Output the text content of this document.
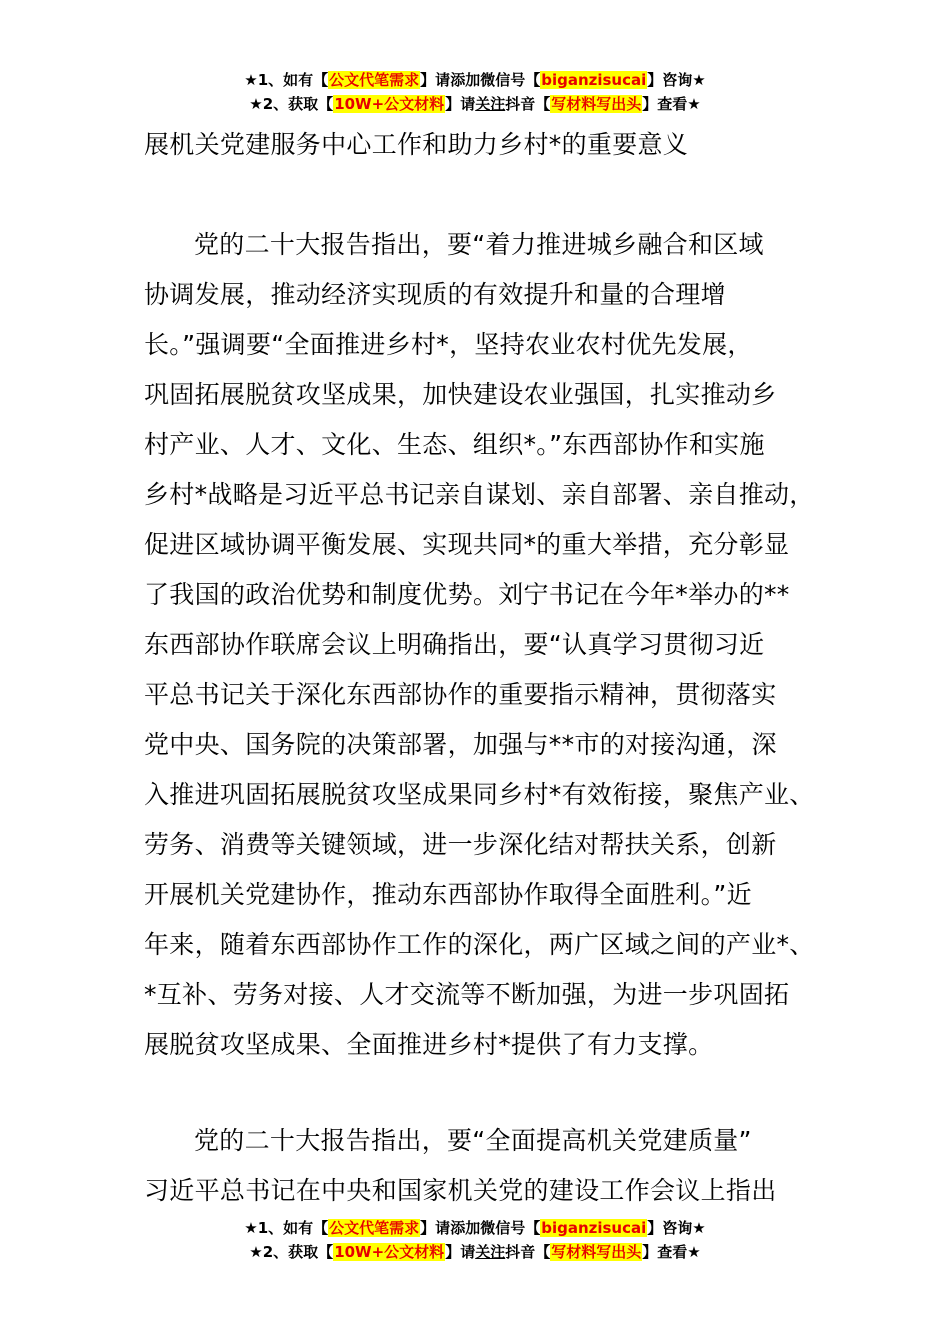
★1、如有【公文代笔需求】请添加微信号【biganzisucai】咨询★
★2、获取【10W+公文材料】请关注抖音【写材料写出头】查看★
展机关党建服务中心工作和助力乡村*的重要意义
党的二十大报告指出，要“着力推进城乡融合和区域
协调发展，推动经济实现质的有效提升和量的合理增
长。”强调要“全面推进乡村*，坚持农业农村优先发展，
巩固拓展脱贫攻坚成果，加快建设农业强国，扎实推动乡
村产业、人才、文化、生态、组织*。”东西部协作和实施
乡村*战略是习近平总书记亲自谋划、亲自部署、亲自推动，
促进区域协调平衡发展、实现共同*的重大举措，充分彰显
了我国的政治优势和制度优势。刘宁书记在今年*举办的**
东西部协作联席会议上明确指出，要“认真学习贯彻习近
平总书记关于深化东西部协作的重要指示精神，贯彻落实
党中央、国务院的决策部署，加强与**市的对接沟通，深
入推进巩固拓展脱贫攻坚成果同乡村*有效衔接，聚焦产业、
劳务、消费等关键领域，进一步深化结对帮扶关系，创新
开展机关党建协作，推动东西部协作取得全面胜利。”近
年来，随着东西部协作工作的深化，两广区域之间的产业*、
*互补、劳务对接、人才交流等不断加强，为进一步巩固拓
展脱贫攻坚成果、全面推进乡村*提供了有力支撑。
党的二十大报告指出，要“全面提高机关党建质量”
习近平总书记在中央和国家机关党的建设工作会议上指出
★1、如有【公文代笔需求】请添加微信号【biganzisucai】咨询★
★2、获取【10W+公文材料】请关注抖音【写材料写出头】查看★
